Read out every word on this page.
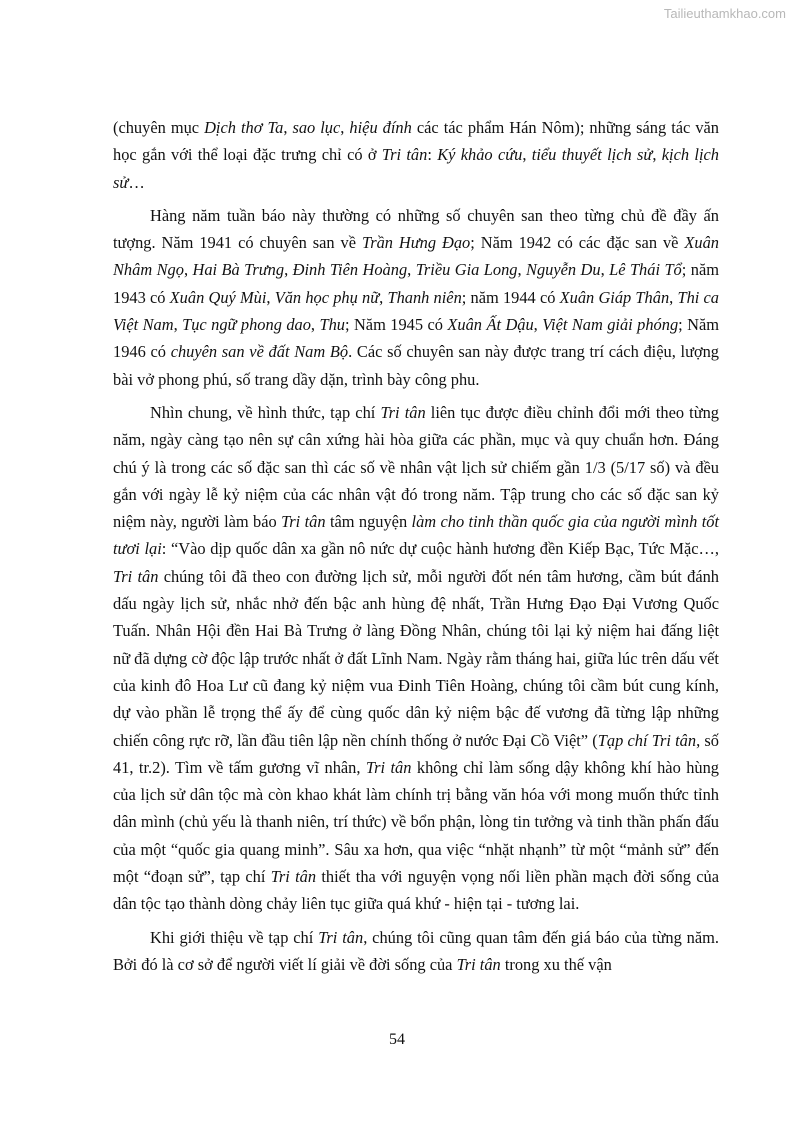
Tailieuthamkhao.com

(chuyên mục Dịch thơ Ta, sao lục, hiệu đính các tác phẩm Hán Nôm); những sáng tác văn học gắn với thể loại đặc trưng chỉ có ở Tri tân: Ký khảo cứu, tiểu thuyết lịch sử, kịch lịch sử…

Hàng năm tuần báo này thường có những số chuyên san theo từng chủ đề đầy ấn tượng. Năm 1941 có chuyên san về Trần Hưng Đạo; Năm 1942 có các đặc san về Xuân Nhâm Ngọ, Hai Bà Trưng, Đinh Tiên Hoàng, Triều Gia Long, Nguyễn Du, Lê Thái Tổ; năm 1943 có Xuân Quý Mùi, Văn học phụ nữ, Thanh niên; năm 1944 có Xuân Giáp Thân, Thi ca Việt Nam, Tục ngữ phong dao, Thu; Năm 1945 có Xuân Ất Dậu, Việt Nam giải phóng; Năm 1946 có chuyên san về đất Nam Bộ. Các số chuyên san này được trang trí cách điệu, lượng bài vở phong phú, số trang dầy dặn, trình bày công phu.

Nhìn chung, về hình thức, tạp chí Tri tân liên tục được điều chỉnh đổi mới theo từng năm, ngày càng tạo nên sự cân xứng hài hòa giữa các phần, mục và quy chuẩn hơn. Đáng chú ý là trong các số đặc san thì các số về nhân vật lịch sử chiếm gần 1/3 (5/17 số) và đều gắn với ngày lễ kỷ niệm của các nhân vật đó trong năm. Tập trung cho các số đặc san kỷ niệm này, người làm báo Tri tân tâm nguyện làm cho tinh thần quốc gia của người mình tốt tươi lại: “Vào dịp quốc dân xa gần nô nức dự cuộc hành hương đền Kiếp Bạc, Tức Mặc…, Tri tân chúng tôi đã theo con đường lịch sử, mỗi người đốt nén tâm hương, cầm bút đánh dấu ngày lịch sử, nhắc nhở đến bậc anh hùng đệ nhất, Trần Hưng Đạo Đại Vương Quốc Tuấn. Nhân Hội đền Hai Bà Trưng ở làng Đồng Nhân, chúng tôi lại kỷ niệm hai đấng liệt nữ đã dựng cờ độc lập trước nhất ở đất Lĩnh Nam. Ngày rằm tháng hai, giữa lúc trên dấu vết của kinh đô Hoa Lư cũ đang kỷ niệm vua Đinh Tiên Hoàng, chúng tôi cầm bút cung kính, dự vào phần lễ trọng thể ấy để cùng quốc dân kỷ niệm bậc đế vương đã từng lập những chiến công rực rỡ, lần đầu tiên lập nền chính thống ở nước Đại Cồ Việt” (Tạp chí Tri tân, số 41, tr.2). Tìm về tấm gương vĩ nhân, Tri tân không chỉ làm sống dậy không khí hào hùng của lịch sử dân tộc mà còn khao khát làm chính trị bằng văn hóa với mong muốn thức tỉnh dân mình (chủ yếu là thanh niên, trí thức) về bổn phận, lòng tin tưởng và tinh thần phấn đấu của một “quốc gia quang minh”. Sâu xa hơn, qua việc “nhặt nhạnh” từ một “mảnh sử” đến một “đoạn sử”, tạp chí Tri tân thiết tha với nguyện vọng nối liền phần mạch đời sống của dân tộc tạo thành dòng chảy liên tục giữa quá khứ - hiện tại - tương lai.

Khi giới thiệu về tạp chí Tri tân, chúng tôi cũng quan tâm đến giá báo của từng năm. Bởi đó là cơ sở để người viết lí giải về đời sống của Tri tân trong xu thế vận

54
